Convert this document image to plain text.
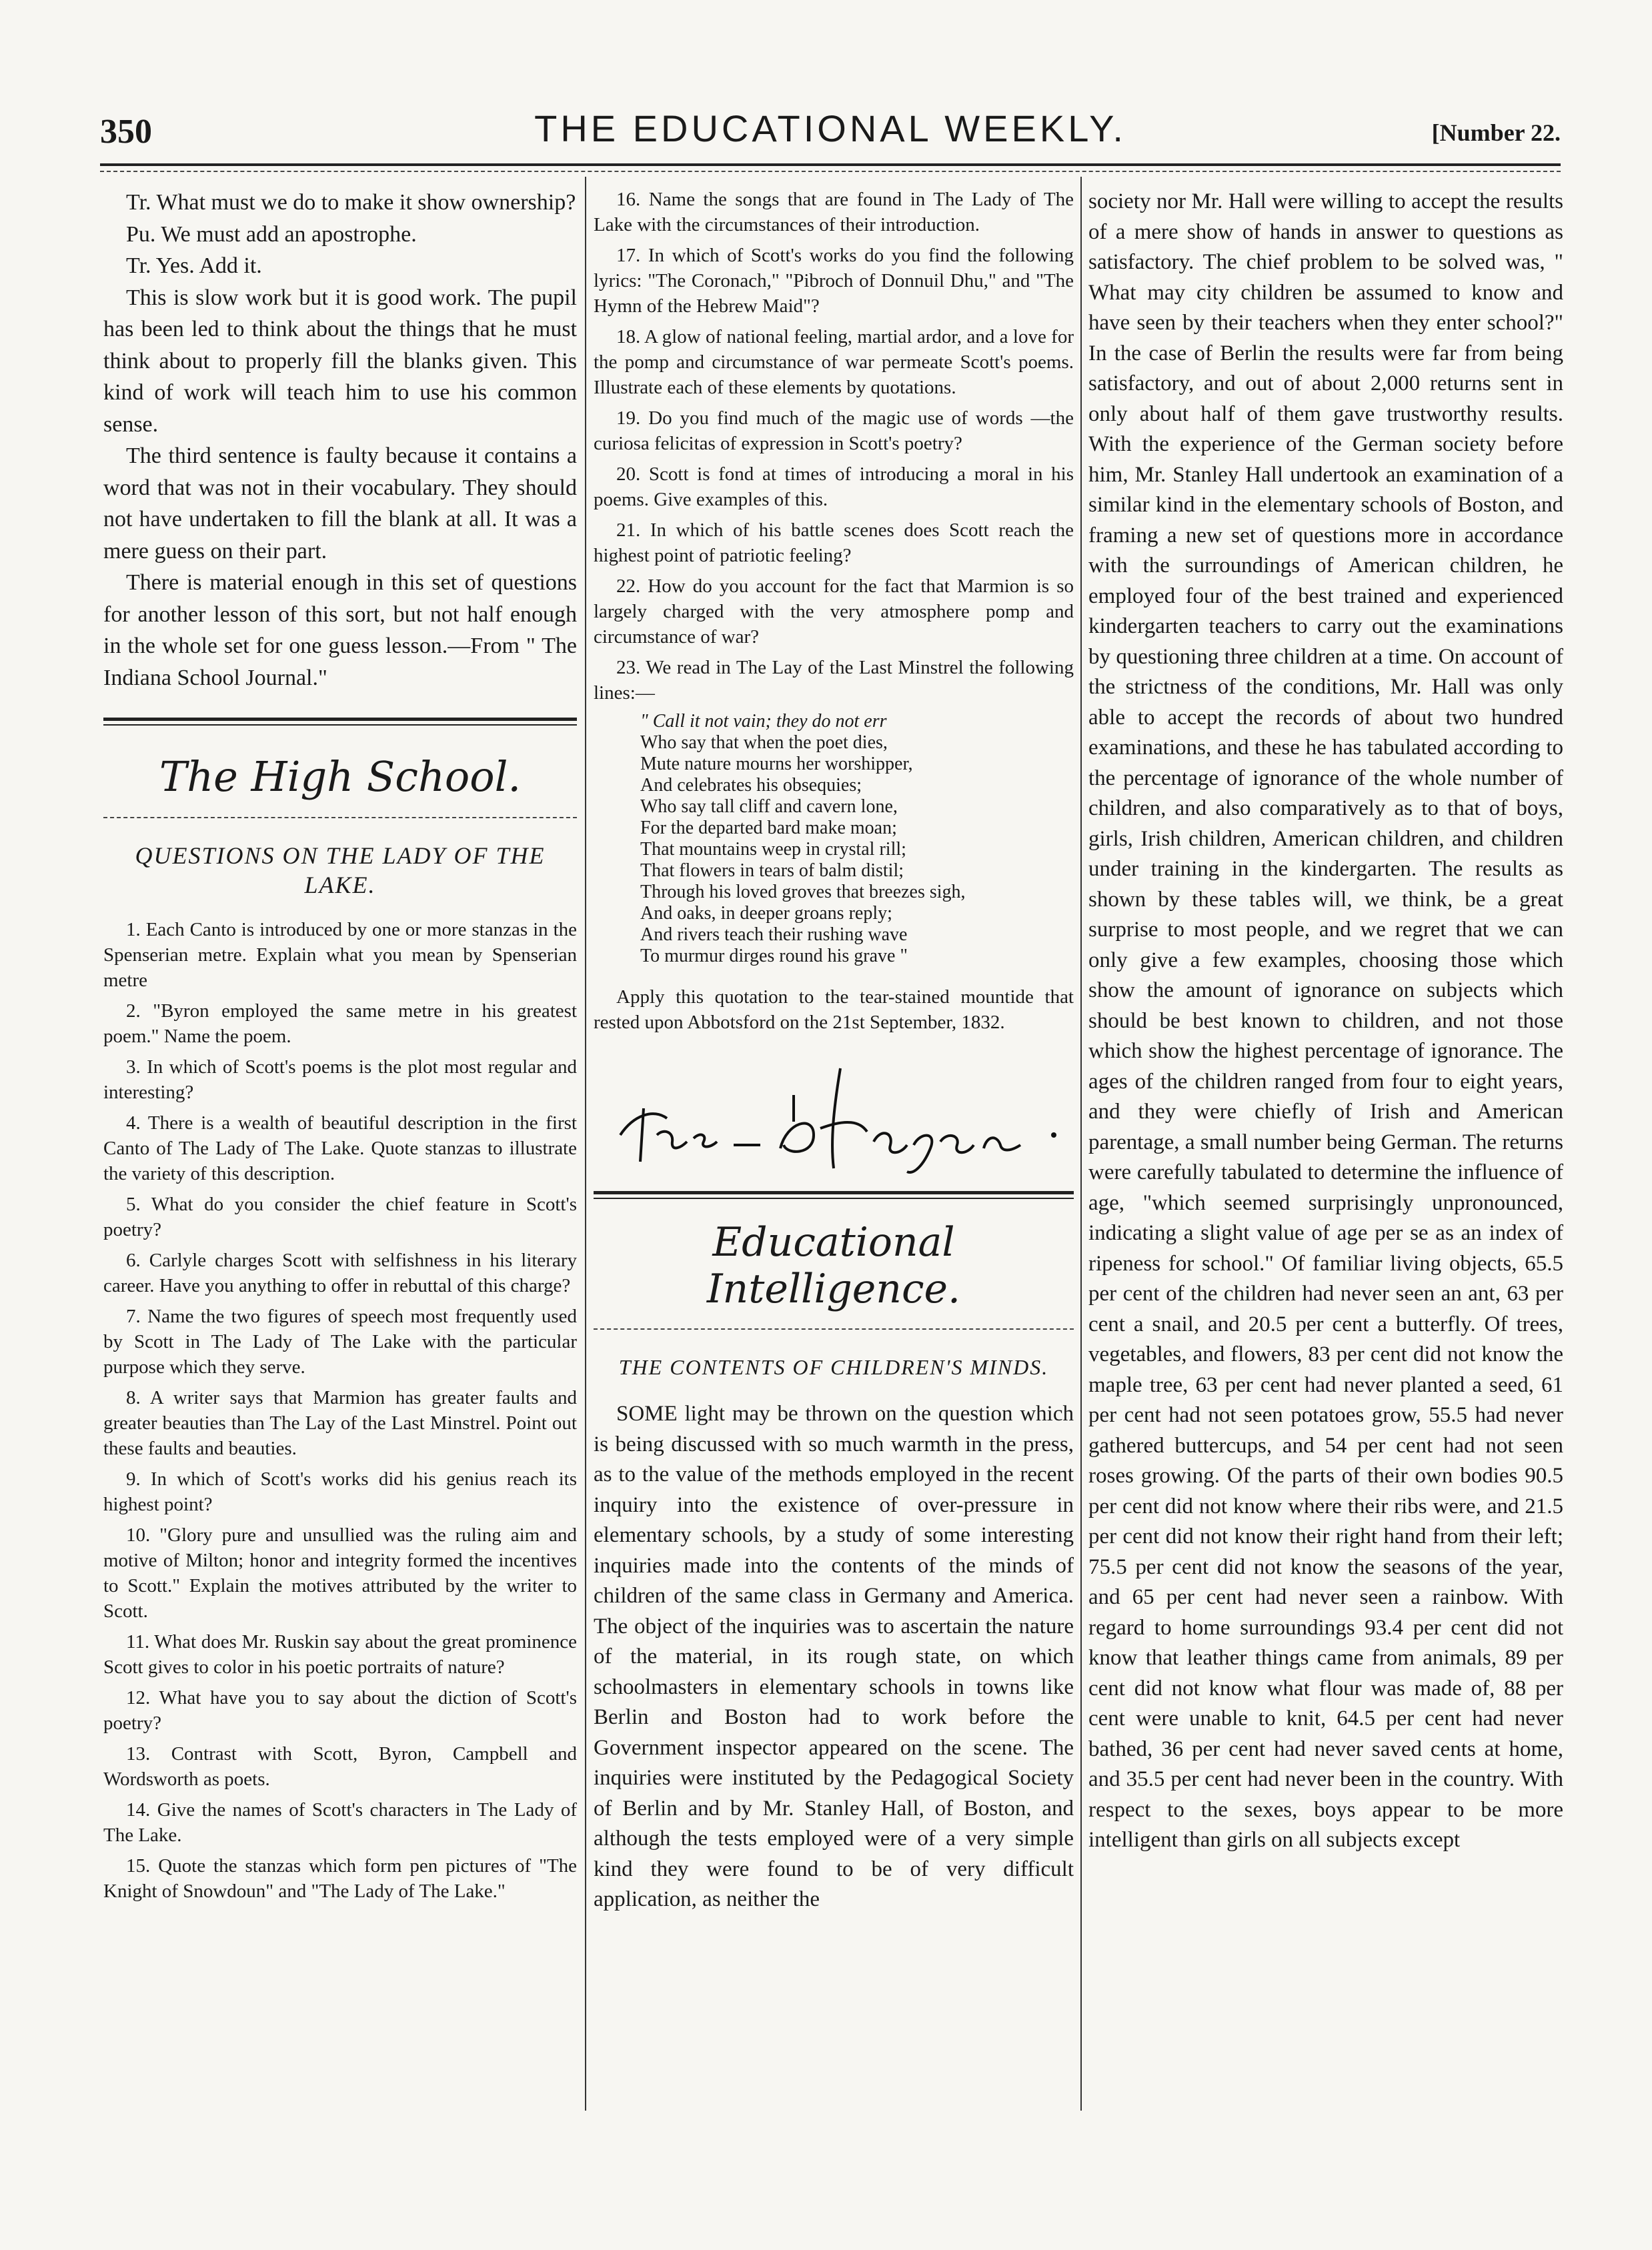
350	THE EDUCATIONAL WEEKLY.	[Number 22.

Tr. What must we do to make it show ownership?

Pu. We must add an apostrophe.

Tr. Yes. Add it.

This is slow work but it is good work. The pupil has been led to think about the things that he must think about to properly fill the blanks given. This kind of work will teach him to use his common sense.

The third sentence is faulty because it contains a word that was not in their vocabulary. They should not have undertaken to fill the blank at all. It was a mere guess on their part.

There is material enough in this set of questions for another lesson of this sort, but not half enough in the whole set for one guess lesson.—From " The Indiana School Journal."

The High School.
QUESTIONS ON THE LADY OF THE LAKE.

1. Each Canto is introduced by one or more stanzas in the Spenserian metre. Explain what you mean by Spenserian metre

2. "Byron employed the same metre in his greatest poem." Name the poem.

3. In which of Scott's poems is the plot most regular and interesting?

4. There is a wealth of beautiful description in the first Canto of The Lady of The Lake. Quote stanzas to illustrate the variety of this description.

5. What do you consider the chief feature in Scott's poetry?

6. Carlyle charges Scott with selfishness in his literary career. Have you anything to offer in rebuttal of this charge?

7. Name the two figures of speech most frequently used by Scott in The Lady of The Lake with the particular purpose which they serve.

8. A writer says that Marmion has greater faults and greater beauties than The Lay of the Last Minstrel. Point out these faults and beauties.

9. In which of Scott's works did his genius reach its highest point?

10. "Glory pure and unsullied was the ruling aim and motive of Milton; honor and integrity formed the incentives to Scott." Explain the motives attributed by the writer to Scott.

11. What does Mr. Ruskin say about the great prominence Scott gives to color in his poetic portraits of nature?

12. What have you to say about the diction of Scott's poetry?

13. Contrast with Scott, Byron, Campbell and Wordsworth as poets.

14. Give the names of Scott's characters in The Lady of The Lake.

15. Quote the stanzas which form pen pictures of "The Knight of Snowdoun" and "The Lady of The Lake."

16. Name the songs that are found in The Lady of The Lake with the circumstances of their introduction.

17. In which of Scott's works do you find the following lyrics: "The Coronach," "Pibroch of Donnuil Dhu," and "The Hymn of the Hebrew Maid"?

18. A glow of national feeling, martial ardor, and a love for the pomp and circumstance of war permeate Scott's poems. Illustrate each of these elements by quotations.

19. Do you find much of the magic use of words —the curiosa felicitas of expression in Scott's poetry?

20. Scott is fond at times of introducing a moral in his poems. Give examples of this.

21. In which of his battle scenes does Scott reach the highest point of patriotic feeling?

22. How do you account for the fact that Marmion is so largely charged with the very atmosphere pomp and circumstance of war?

23. We read in The Lay of the Last Minstrel the following lines:—

" Call it not vain; they do not err
Who say that when the poet dies,
Mute nature mourns her worshipper,
And celebrates his obsequies;
Who say tall cliff and cavern lone,
For the departed bard make moan;
That mountains weep in crystal rill;
That flowers in tears of balm distil;
Through his loved groves that breezes sigh,
And oaks, in deeper groans reply;
And rivers teach their rushing wave
To murmur dirges round his grave "

Apply this quotation to the tear-stained mountide that rested upon Abbotsford on the 21st September, 1832.

Educational Intelligence.
THE CONTENTS OF CHILDREN'S MINDS.

SOME light may be thrown on the question which is being discussed with so much warmth in the press, as to the value of the methods employed in the recent inquiry into the existence of over-pressure in elementary schools, by a study of some interesting inquiries made into the contents of the minds of children of the same class in Germany and America. The object of the inquiries was to ascertain the nature of the material, in its rough state, on which schoolmasters in elementary schools in towns like Berlin and Boston had to work before the Government inspector appeared on the scene. The inquiries were instituted by the Pedagogical Society of Berlin and by Mr. Stanley Hall, of Boston, and although the tests employed were of a very simple kind they were found to be of very difficult application, as neither the

society nor Mr. Hall were willing to accept the results of a mere show of hands in answer to questions as satisfactory. The chief problem to be solved was, " What may city children be assumed to know and have seen by their teachers when they enter school?" In the case of Berlin the results were far from being satisfactory, and out of about 2,000 returns sent in only about half of them gave trustworthy results. With the experience of the German society before him, Mr. Stanley Hall undertook an examination of a similar kind in the elementary schools of Boston, and framing a new set of questions more in accordance with the surroundings of American children, he employed four of the best trained and experienced kindergarten teachers to carry out the examinations by questioning three children at a time. On account of the strictness of the conditions, Mr. Hall was only able to accept the records of about two hundred examinations, and these he has tabulated according to the percentage of ignorance of the whole number of children, and also comparatively as to that of boys, girls, Irish children, American children, and children under training in the kindergarten. The results as shown by these tables will, we think, be a great surprise to most people, and we regret that we can only give a few examples, choosing those which show the amount of ignorance on subjects which should be best known to children, and not those which show the highest percentage of ignorance. The ages of the children ranged from four to eight years, and they were chiefly of Irish and American parentage, a small number being German. The returns were carefully tabulated to determine the influence of age, "which seemed surprisingly unpronounced, indicating a slight value of age per se as an index of ripeness for school." Of familiar living objects, 65.5 per cent of the children had never seen an ant, 63 per cent a snail, and 20.5 per cent a butterfly. Of trees, vegetables, and flowers, 83 per cent did not know the maple tree, 63 per cent had never planted a seed, 61 per cent had not seen potatoes grow, 55.5 had never gathered buttercups, and 54 per cent had not seen roses growing. Of the parts of their own bodies 90.5 per cent did not know where their ribs were, and 21.5 per cent did not know their right hand from their left; 75.5 per cent did not know the seasons of the year, and 65 per cent had never seen a rainbow. With regard to home surroundings 93.4 per cent did not know that leather things came from animals, 89 per cent did not know what flour was made of, 88 per cent were unable to knit, 64.5 per cent had never bathed, 36 per cent had never saved cents at home, and 35.5 per cent had never been in the country. With respect to the sexes, boys appear to be more intelligent than girls on all subjects except
